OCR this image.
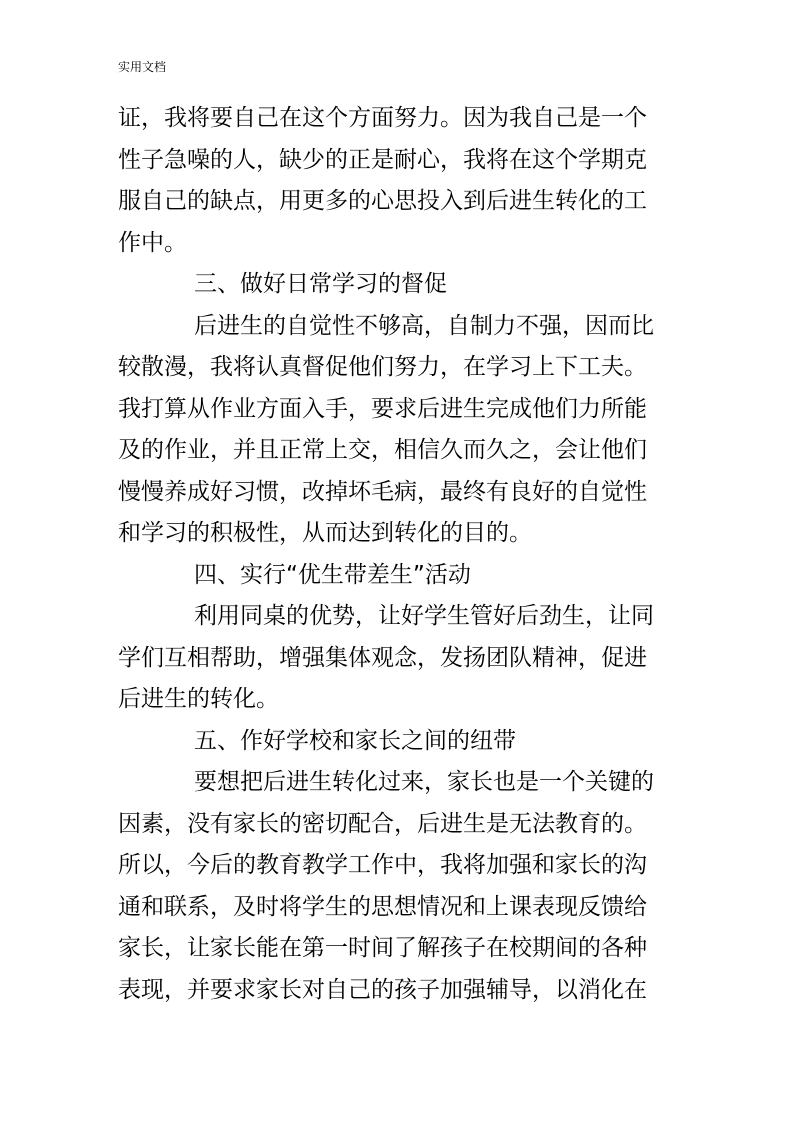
实用文档
证，我将要自己在这个方面努力。因为我自己是一个
性子急噪的人，缺少的正是耐心，我将在这个学期克
服自己的缺点，用更多的心思投入到后进生转化的工
作中。
三、做好日常学习的督促
后进生的自觉性不够高，自制力不强，因而比
较散漫，我将认真督促他们努力，在学习上下工夫。
我打算从作业方面入手，要求后进生完成他们力所能
及的作业，并且正常上交，相信久而久之，会让他们
慢慢养成好习惯，改掉坏毛病，最终有良好的自觉性
和学习的积极性，从而达到转化的目的。
四、实行“优生带差生”活动
利用同桌的优势，让好学生管好后劲生，让同
学们互相帮助，增强集体观念，发扬团队精神，促进
后进生的转化。
五、作好学校和家长之间的纽带
要想把后进生转化过来，家长也是一个关键的
因素，没有家长的密切配合，后进生是无法教育的。
所以，今后的教育教学工作中，我将加强和家长的沟
通和联系，及时将学生的思想情况和上课表现反馈给
家长，让家长能在第一时间了解孩子在校期间的各种
表现，并要求家长对自己的孩子加强辅导，以消化在
